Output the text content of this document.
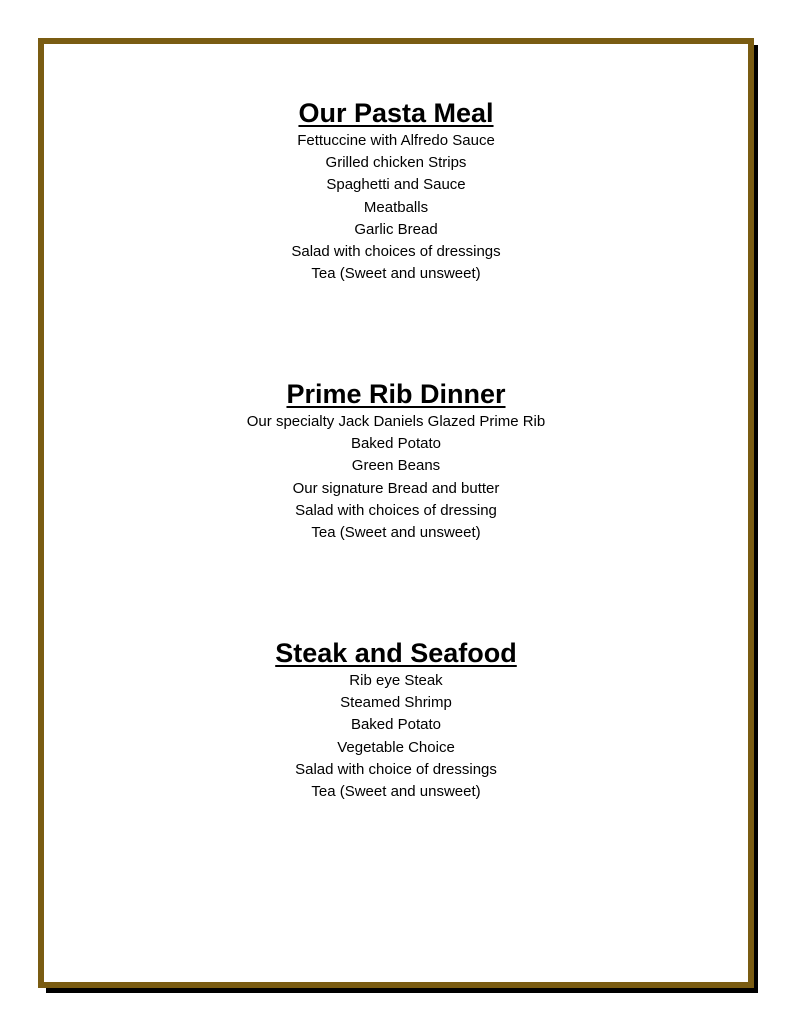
Our Pasta Meal
Fettuccine with Alfredo Sauce
Grilled chicken Strips
Spaghetti and Sauce
Meatballs
Garlic Bread
Salad with choices of dressings
Tea (Sweet and unsweet)
Prime Rib Dinner
Our specialty Jack Daniels Glazed Prime Rib
Baked Potato
Green Beans
Our signature Bread and butter
Salad with choices of dressing
Tea (Sweet and unsweet)
Steak and Seafood
Rib eye Steak
Steamed Shrimp
Baked Potato
Vegetable Choice
Salad with choice of dressings
Tea (Sweet and unsweet)
